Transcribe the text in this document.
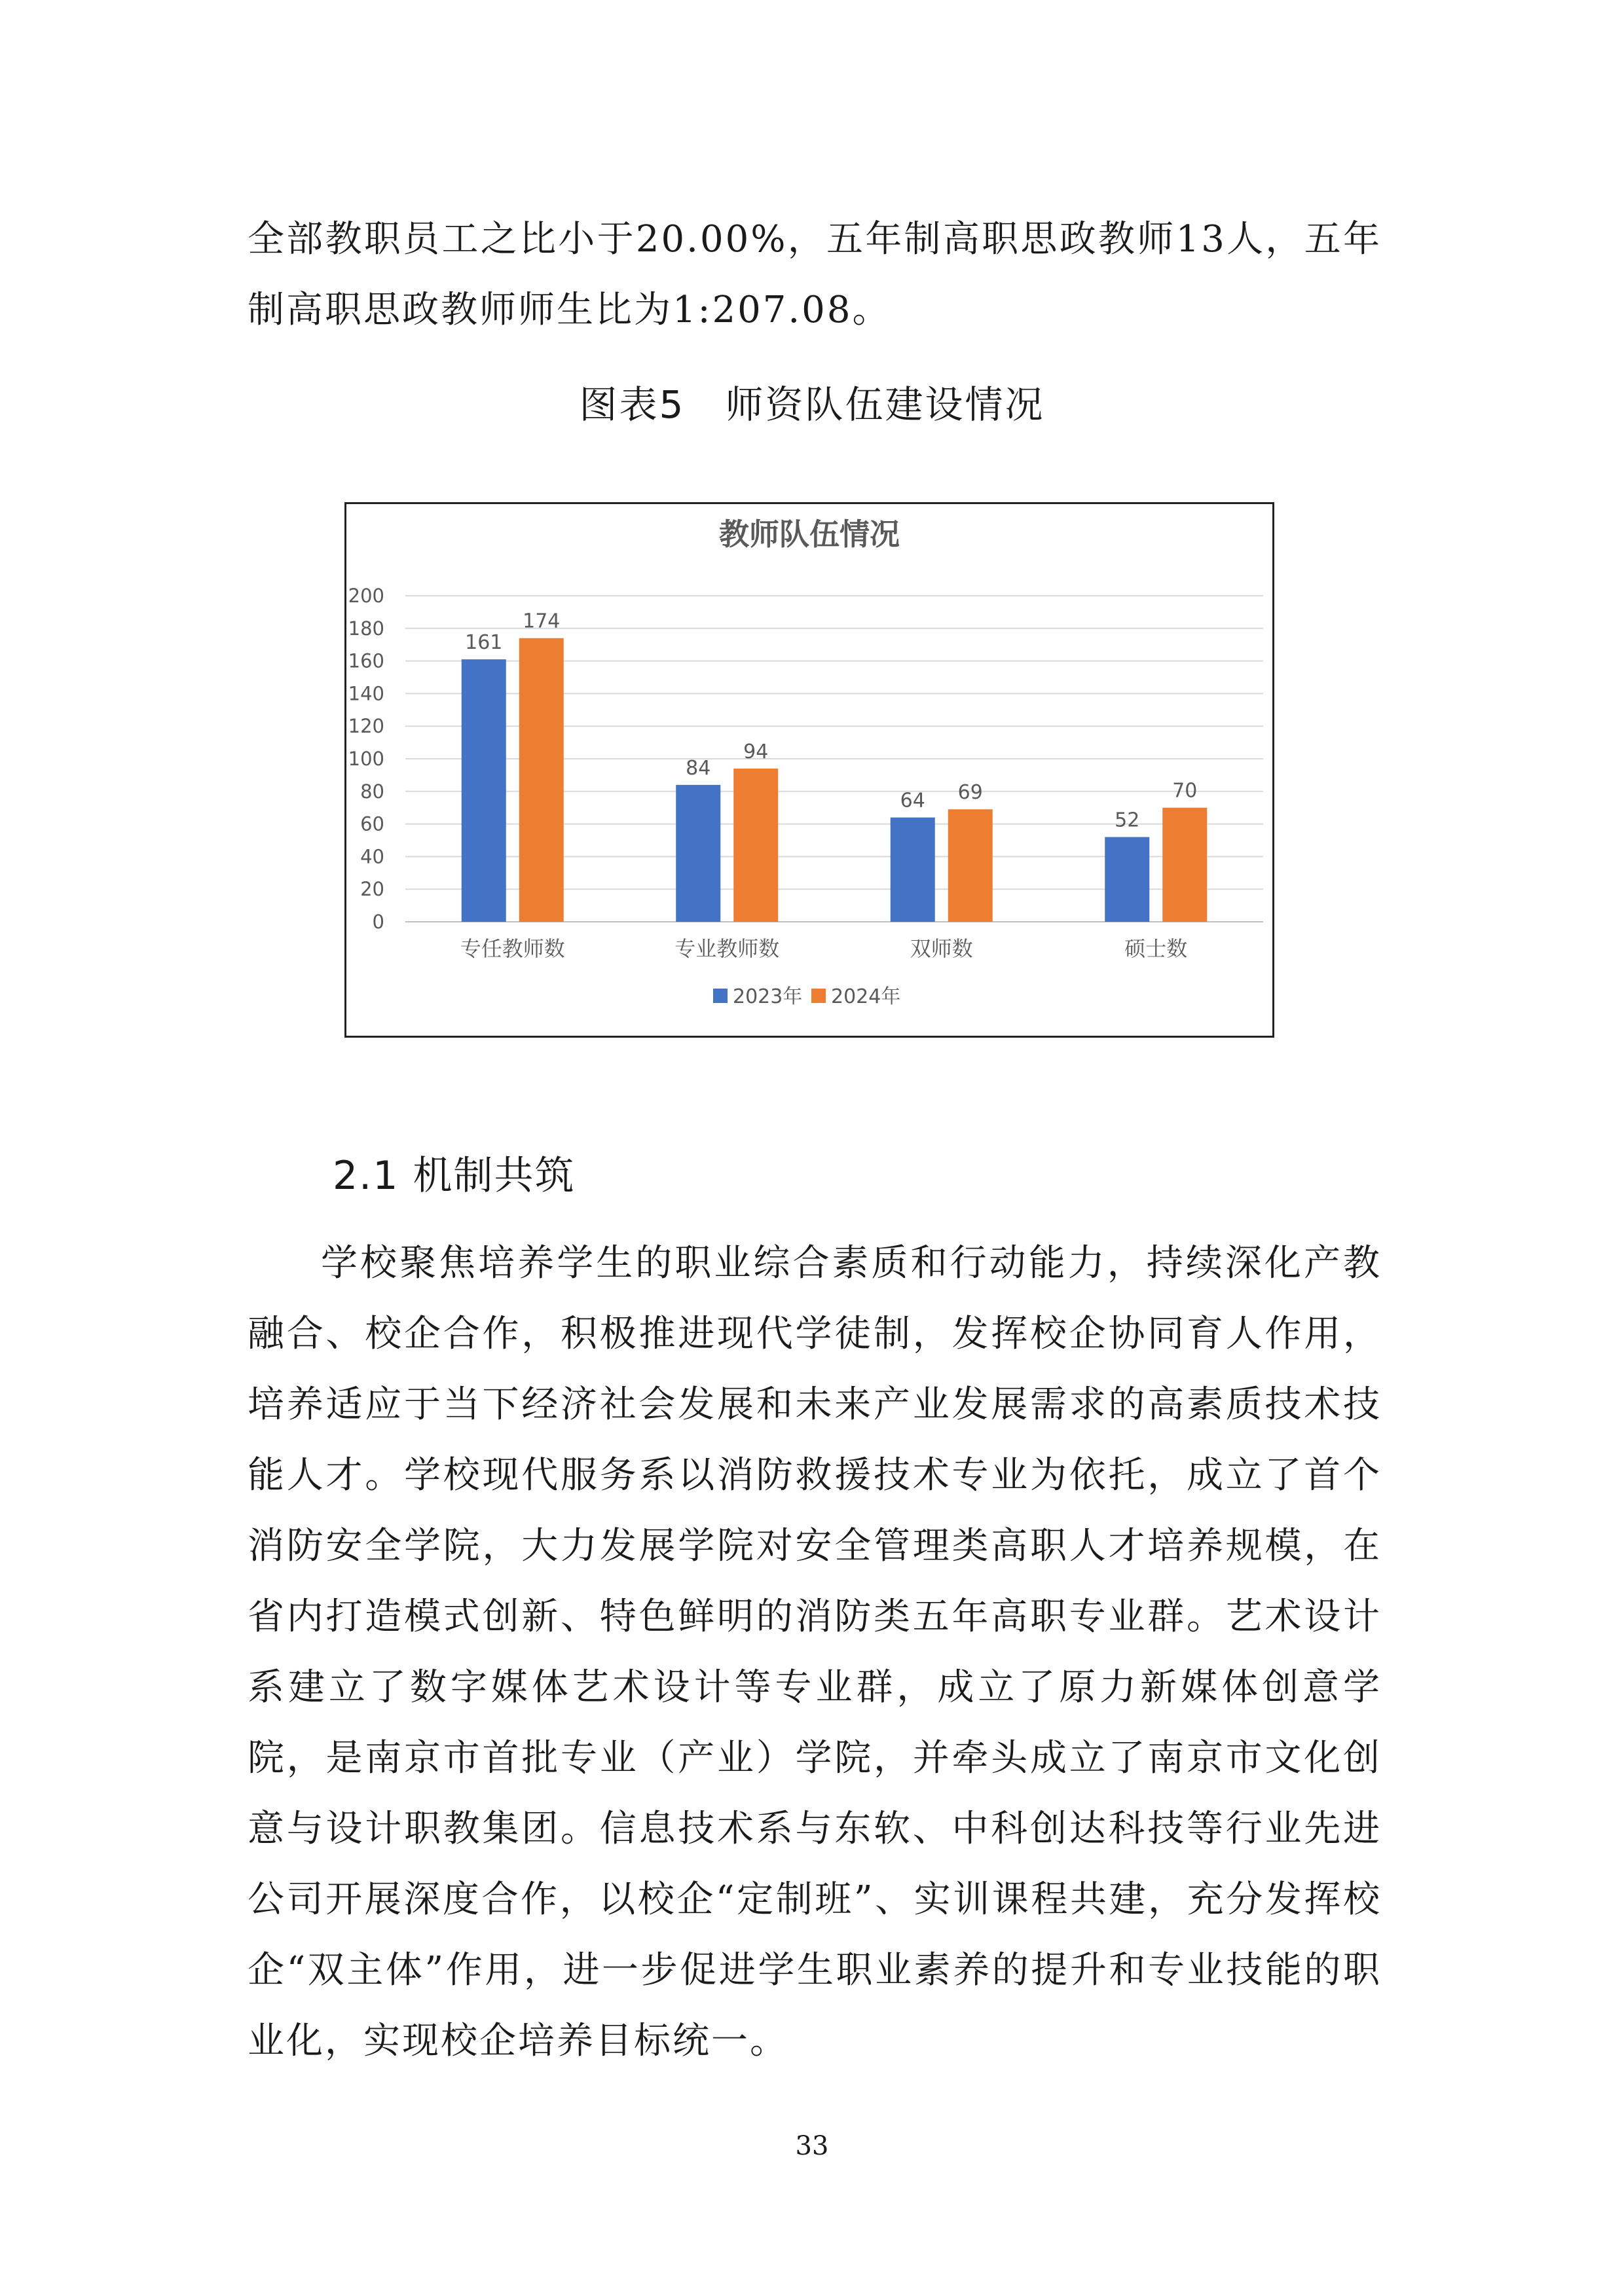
全部教职员工之比小于20.00%，五年制高职思政教师13人，五年制高职思政教师师生比为1:207.08。
图表5　师资队伍建设情况
教师队伍情况
0
20
40
60
80
100
120
140
160
180
200
161
174
84
94
64 69
52
70
专任教师数	专业教师数	双师数	硕士数
2023年 2024年
2.1 机制共筑
学校聚焦培养学生的职业综合素质和行动能力，持续深化产教融合、校企合作，积极推进现代学徒制，发挥校企协同育人作用，培养适应于当下经济社会发展和未来产业发展需求的高素质技术技能人才。学校现代服务系以消防救援技术专业为依托，成立了首个消防安全学院，大力发展学院对安全管理类高职人才培养规模，在省内打造模式创新、特色鲜明的消防类五年高职专业群。艺术设计系建立了数字媒体艺术设计等专业群，成立了原力新媒体创意学院，是南京市首批专业（产业）学院，并牵头成立了南京市文化创意与设计职教集团。信息技术系与东软、中科创达科技等行业先进公司开展深度合作，以校企“定制班”、实训课程共建，充分发挥校企“双主体”作用，进一步促进学生职业素养的提升和专业技能的职业化，实现校企培养目标统一。
33
